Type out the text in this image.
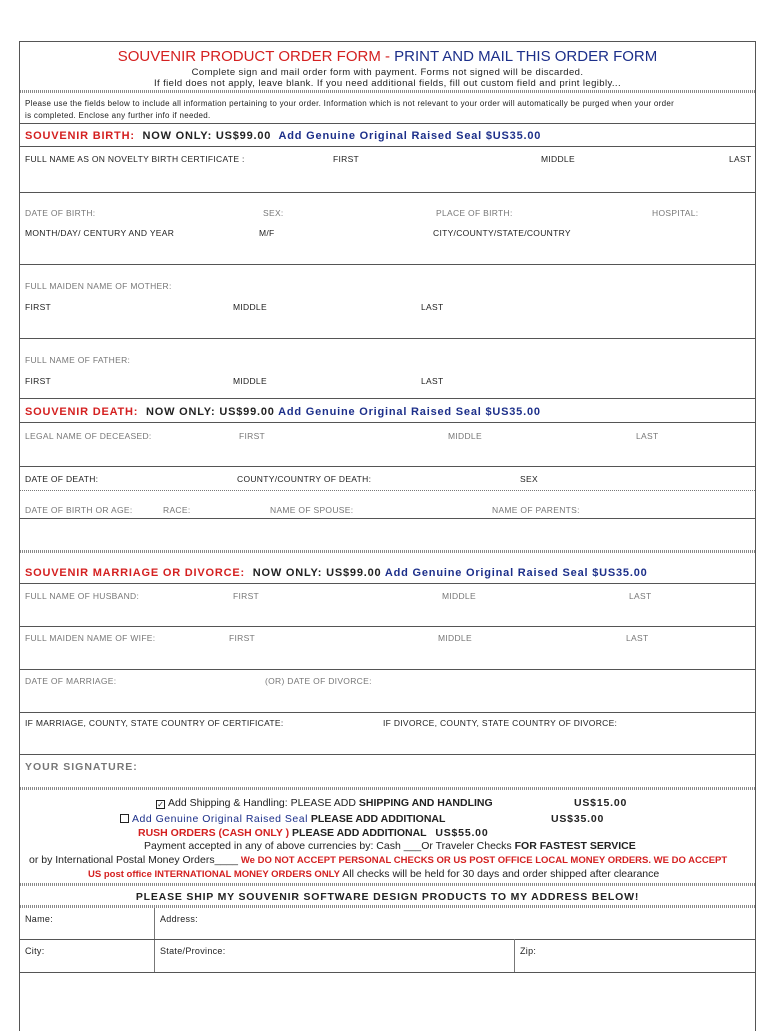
SOUVENIR PRODUCT ORDER FORM - PRINT AND MAIL THIS ORDER FORM
Complete sign and mail order form with payment. Forms not signed will be discarded.
If field does not apply, leave blank. If you need additional fields, fill out custom field and print legibly...
Please use the fields below to include all information pertaining to your order. Information which is not relevant to your order will automatically be purged when your order
is completed. Enclose any further info if needed.
SOUVENIR BIRTH: NOW ONLY: US$99.00 Add Genuine Original Raised Seal $US35.00
FULL NAME AS ON NOVELTY BIRTH CERTIFICATE :	FIRST	MIDDLE	LAST
DATE OF BIRTH:	SEX:	PLACE OF BIRTH:	HOSPITAL:
MONTH/DAY/ CENTURY AND YEAR	M/F	CITY/COUNTY/STATE/COUNTRY
FULL MAIDEN NAME OF MOTHER:
FIRST	MIDDLE	LAST
FULL NAME OF FATHER:
FIRST	MIDDLE	LAST
SOUVENIR DEATH: NOW ONLY: US$99.00 Add Genuine Original Raised Seal $US35.00
LEGAL NAME OF DECEASED:	FIRST	MIDDLE	LAST
DATE OF DEATH:	COUNTY/COUNTRY OF DEATH:	SEX
DATE OF BIRTH OR AGE:	RACE:	NAME OF SPOUSE:	NAME OF PARENTS:
SOUVENIR MARRIAGE OR DIVORCE: NOW ONLY: US$99.00 Add Genuine Original Raised Seal $US35.00
FULL NAME OF HUSBAND:	FIRST	MIDDLE	LAST
FULL MAIDEN NAME OF WIFE:	FIRST	MIDDLE	LAST
DATE OF MARRIAGE:	(OR) DATE OF DIVORCE:
IF MARRIAGE, COUNTY, STATE COUNTRY OF CERTIFICATE:	IF DIVORCE, COUNTY, STATE COUNTRY OF DIVORCE:
YOUR SIGNATURE:
✓ Add Shipping & Handling: PLEASE ADD SHIPPING AND HANDLING	US$15.00
Add Genuine Original Raised Seal PLEASE ADD ADDITIONAL	US$35.00
RUSH ORDERS (CASH ONLY ) PLEASE ADD ADDITIONAL US$55.00
Payment accepted in any of above currencies by: Cash ___Or Traveler Checks FOR FASTEST SERVICE
or by International Postal Money Orders____ We DO NOT ACCEPT PERSONAL CHECKS OR US POST OFFICE LOCAL MONEY ORDERS. WE DO ACCEPT
US post office INTERNATIONAL MONEY ORDERS ONLY All checks will be held for 30 days and order shipped after clearance
PLEASE SHIP MY SOUVENIR SOFTWARE DESIGN PRODUCTS TO MY ADDRESS BELOW!
Name:	Address:
City:	State/Province:	Zip:
